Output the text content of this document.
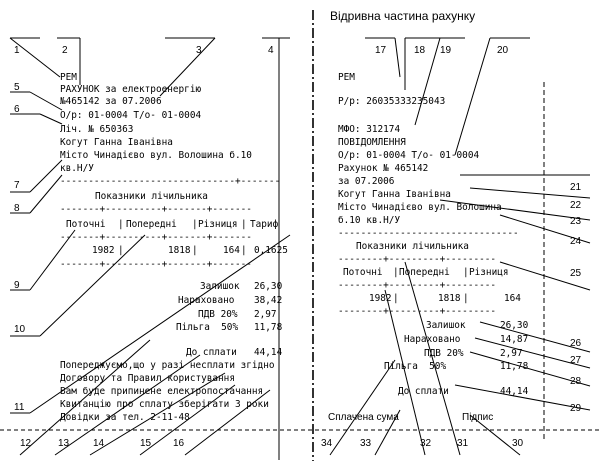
Відривна частина рахунку
1	2	3	4
5
6
7
8
9
10
11
12	13 14	15 16
17	18 19	20
21
22
23
24
25
26
27
28
29
30
31
32
33
34
РЕМ
РАХУНОК за електроенергію
№465142 за 07.2006
О/р: 01-0004 Т/о- 01-0004
Ліч. № 650363
Когут Ганна Іванівна
Місто Чинадієво вул. Волошина б.10
кв.Н/У
-------------------------------+-------
Показники лічильника
-------+----------+-------+-------
Поточні | Попередні | Різниця | Тариф
-------+----------+-------+-------
1982 |	1818 |	164 | 0,1625
-------+----------+-------+-------
Залишок 26,30
Нараховано 38,42
ПДВ 20% 2,97
Пільга  50% 11,78
До сплати 44,14
Попереджуємо,що у разі несплати згідно
Договору та Правил користування
Вам буде припинене електропостачання
Квитанцію про сплату зберігати 3 роки
Довідки за тел. 2-11-48
РЕМ
Р/р: 26035333235043
МФО: 312174
ПОВІДОМЛЕННЯ
О/р: 01-0004 Т/о- 01-0004
Рахунок № 465142
за 07.2006
Когут Ганна Іванівна
Місто Чинадієво вул. Волошина
б.10 кв.Н/У
--------------------------------
Показники лічильника
--------+---------+---------
Поточні | Попередні | Різниця
--------+---------+---------
1982 |	1818 |	164
--------+---------+---------
Залишок	26,30
Нараховано	14,87
ПДВ 20%	2,97
Пільга  50%	11,78
До сплати	44,14
Сплачена сума	Підпис
